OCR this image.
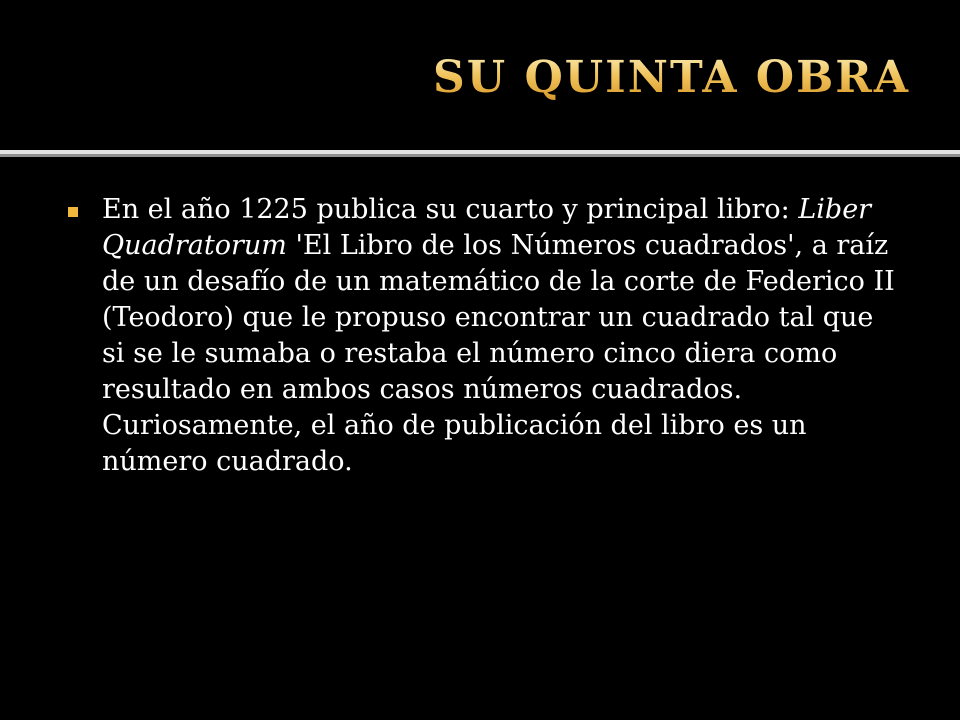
SU QUINTA OBRA

En el año 1225 publica su cuarto y principal libro: Liber Quadratorum 'El Libro de los Números cuadrados', a raíz de un desafío de un matemático de la corte de Federico II (Teodoro) que le propuso encontrar un cuadrado tal que si se le sumaba o restaba el número cinco diera como resultado en ambos casos números cuadrados. Curiosamente, el año de publicación del libro es un número cuadrado.
